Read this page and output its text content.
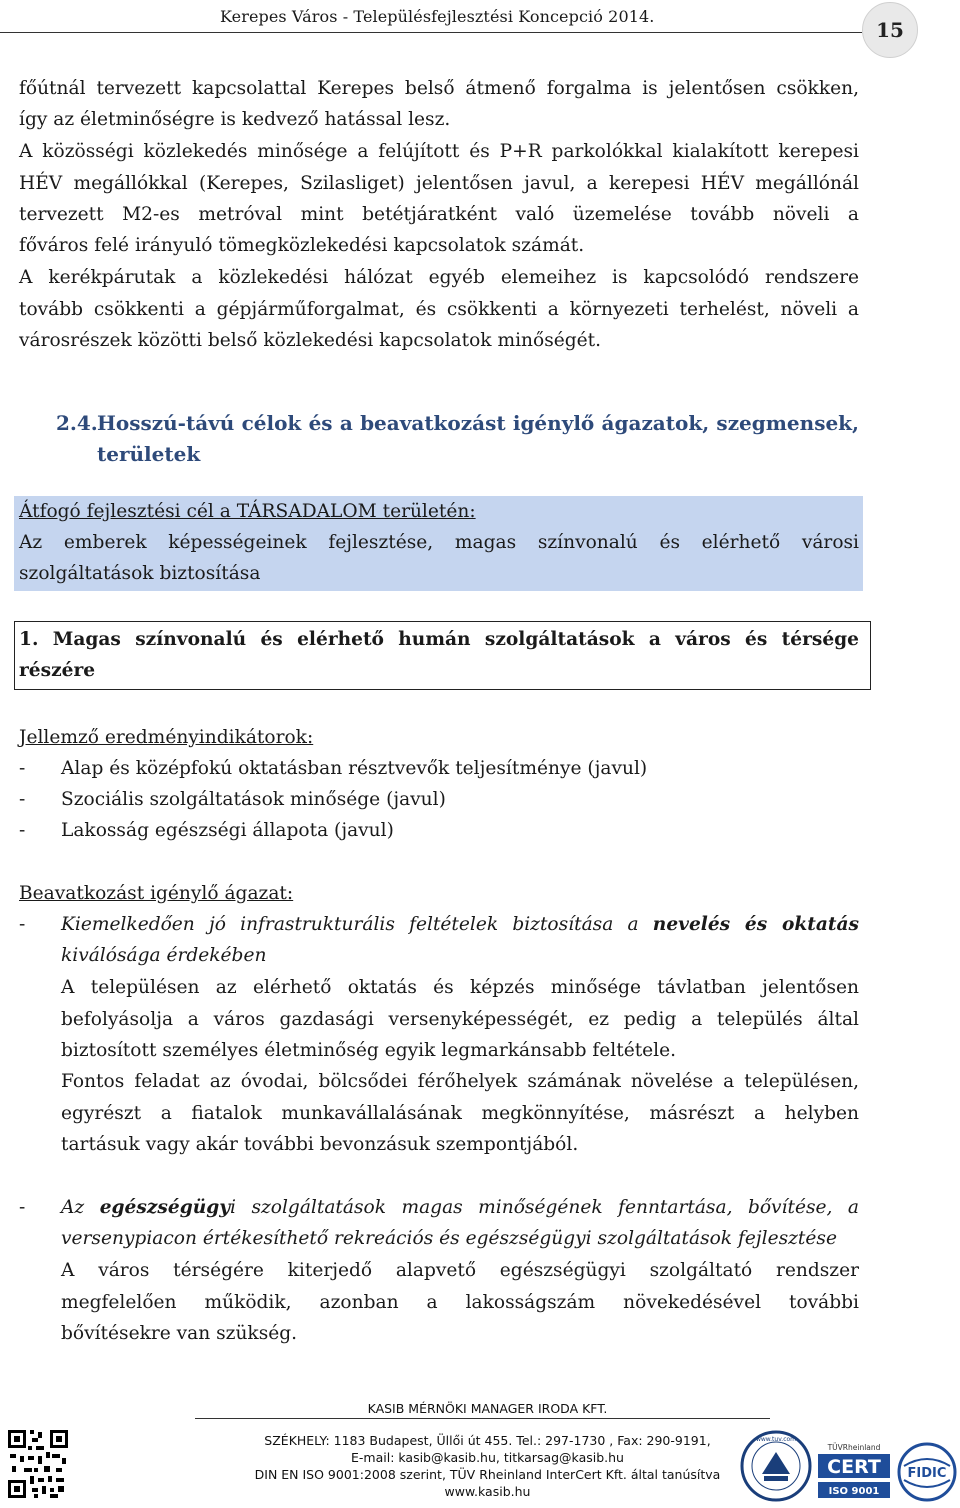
Kerepes Város - Településfejlesztési Koncepció 2014.
15
főútnál tervezett kapcsolattal Kerepes belső átmenő forgalma is jelentősen csökken,
így az életminőségre is kedvező hatással lesz.
A közösségi közlekedés minősége a felújított és P+R parkolókkal kialakított kerepesi
HÉV megállókkal (Kerepes, Szilasliget) jelentősen javul, a kerepesi HÉV megállónál
tervezett M2-es metróval mint betétjáratként való üzemelése tovább növeli a
főváros felé irányuló tömegközlekedési kapcsolatok számát.
A kerékpárutak a közlekedési hálózat egyéb elemeihez is kapcsolódó rendszere
tovább csökkenti a gépjárműforgalmat, és csökkenti a környezeti terhelést, növeli a
városrészek közötti belső közlekedési kapcsolatok minőségét.
2.4. Hosszú-távú célok és a beavatkozást igénylő ágazatok, szegmensek,
területek
Átfogó fejlesztési cél a TÁRSADALOM területén:
Az emberek képességeinek fejlesztése, magas színvonalú és elérhető városi
szolgáltatások biztosítása
1. Magas színvonalú és elérhető humán szolgáltatások a város és térsége
részére
Jellemző eredményindikátorok:
- Alap és középfokú oktatásban résztvevők teljesítménye (javul)
- Szociális szolgáltatások minősége (javul)
- Lakosság egészségi állapota (javul)
Beavatkozást igénylő ágazat:
- Kiemelkedően jó infrastrukturális feltételek biztosítása a nevelés és oktatás
kiválósága érdekében
A településen az elérhető oktatás és képzés minősége távlatban jelentősen
befolyásolja a város gazdasági versenyképességét, ez pedig a település által
biztosított személyes életminőség egyik legmarkánsabb feltétele.
Fontos feladat az óvodai, bölcsődei férőhelyek számának növelése a településen,
egyrészt a fiatalok munkavállalásának megkönnyítése, másrészt a helyben
tartásuk vagy akár további bevonzásuk szempontjából.
- Az egészségügyi szolgáltatások magas minőségének fenntartása, bővítése, a
versenypiacon értékesíthető rekreációs és egészségügyi szolgáltatások fejlesztése
A város térségére kiterjedő alapvető egészségügyi szolgáltató rendszer
megfelelően működik, azonban a lakosságszám növekedésével további
bővítésekre van szükség.
KASIB MÉRNÖKI MANAGER IRODA KFT.
SZÉKHELY: 1183 Budapest, Üllői út 455. Tel.: 297-1730 , Fax: 290-9191,
E-mail: kasib@kasib.hu, titkarsag@kasib.hu
DIN EN ISO 9001:2008 szerint, TÜV Rheinland InterCert Kft. által tanúsítva
www.kasib.hu
www.tuv.com
TÜVRheinland
CERT
ISO 9001
FIDIC
